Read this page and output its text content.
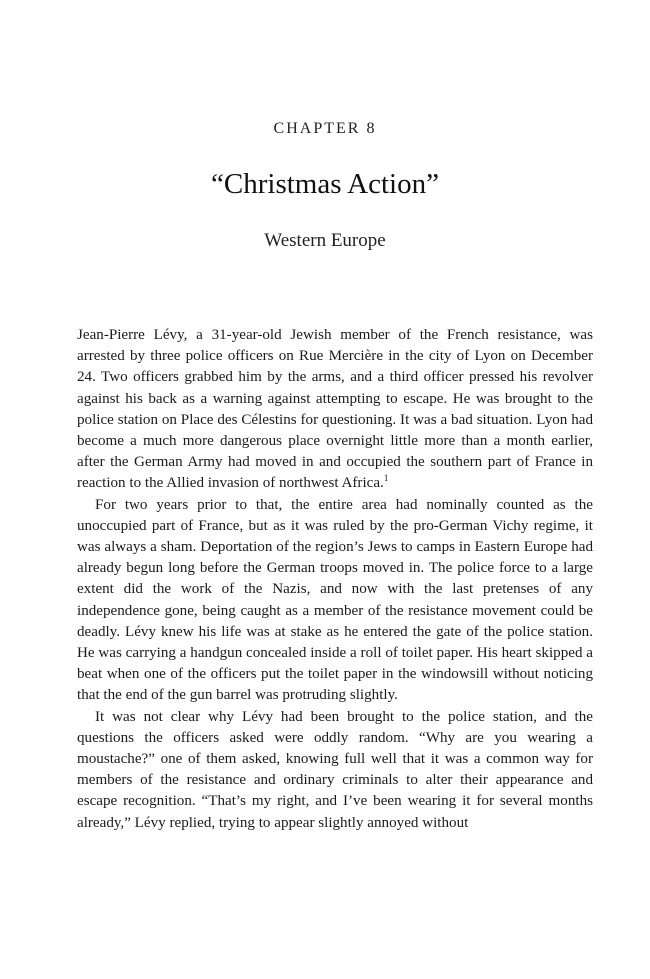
CHAPTER 8
“Christmas Action”
Western Europe

Jean-Pierre Lévy, a 31-year-old Jewish member of the French resistance, was arrested by three police officers on Rue Mercière in the city of Lyon on December 24. Two officers grabbed him by the arms, and a third officer pressed his revolver against his back as a warning against attempting to escape. He was brought to the police station on Place des Célestins for questioning. It was a bad situation. Lyon had become a much more dangerous place overnight little more than a month earlier, after the German Army had moved in and occupied the southern part of France in reaction to the Allied invasion of northwest Africa.$^1$

For two years prior to that, the entire area had nominally counted as the unoccupied part of France, but as it was ruled by the pro-German Vichy regime, it was always a sham. Deportation of the region’s Jews to camps in Eastern Europe had already begun long before the German troops moved in. The police force to a large extent did the work of the Nazis, and now with the last pretenses of any independence gone, being caught as a member of the resistance movement could be deadly. Lévy knew his life was at stake as he entered the gate of the police station. He was carrying a handgun concealed inside a roll of toilet paper. His heart skipped a beat when one of the officers put the toilet paper in the windowsill without noticing that the end of the gun barrel was protruding slightly.

It was not clear why Lévy had been brought to the police station, and the questions the officers asked were oddly random. “Why are you wearing a moustache?” one of them asked, knowing full well that it was a common way for members of the resistance and ordinary criminals to alter their appearance and escape recognition. “That’s my right, and I’ve been wearing it for several months already,” Lévy replied, trying to appear slightly annoyed without
